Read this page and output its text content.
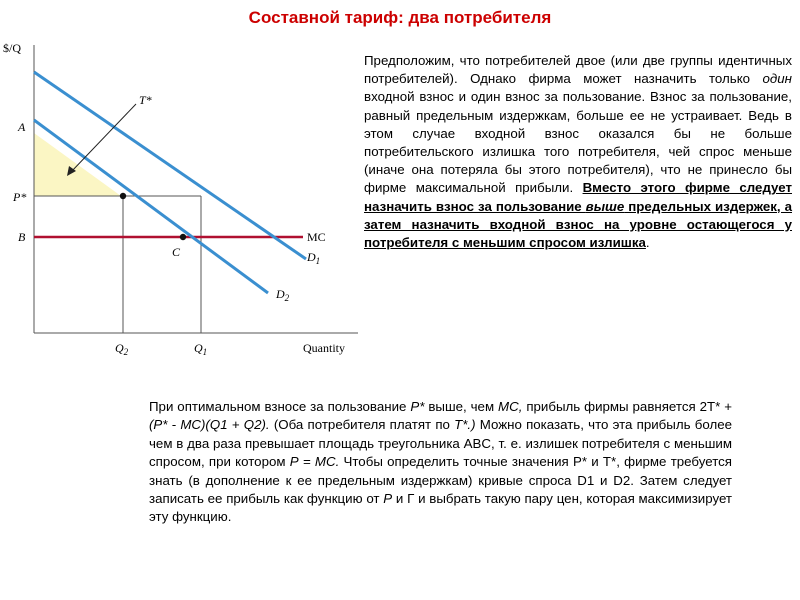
Составной тариф: два потребителя
$/Q
A
P*
B
C
T*
MC
$D_1$
$D_2$
$Q_2$	$Q_1$	Quantity
Предположим, что потребителей двое (или две группы идентичных потребителей). Однако фирма может назначить только один входной взнос и один взнос за пользование. Взнос за пользование, равный предельным издержкам, больше ее не устраивает. Ведь в этом случае входной взнос оказался бы не больше потребительского излишка того потребителя, чей спрос меньше (иначе она потеряла бы этого потребителя), что не принесло бы фирме максимальной прибыли. Вместо этого фирме следует назначить взнос за пользование выше предельных издержек, а затем назначить входной взнос на уровне остающегося у потребителя с меньшим спросом излишка.
При оптимальном взносе за пользование Р* выше, чем МС, прибыль фирмы равняется 2Т* + (Р* - МС)(Q1 + Q2). (Оба потребителя платят по Т*.) Можно показать, что эта прибыль более чем в два раза превышает площадь треугольника ABC, т. е. излишек потребителя с меньшим спросом, при котором Р = МС. Чтобы определить точные значения Р* и Т*, фирме требуется знать (в дополнение к ее предельным издержкам) кривые спроса D1 и D2. Затем следует записать ее прибыль как функцию от Р и Г и выбрать такую пару цен, которая максимизирует эту функцию.
